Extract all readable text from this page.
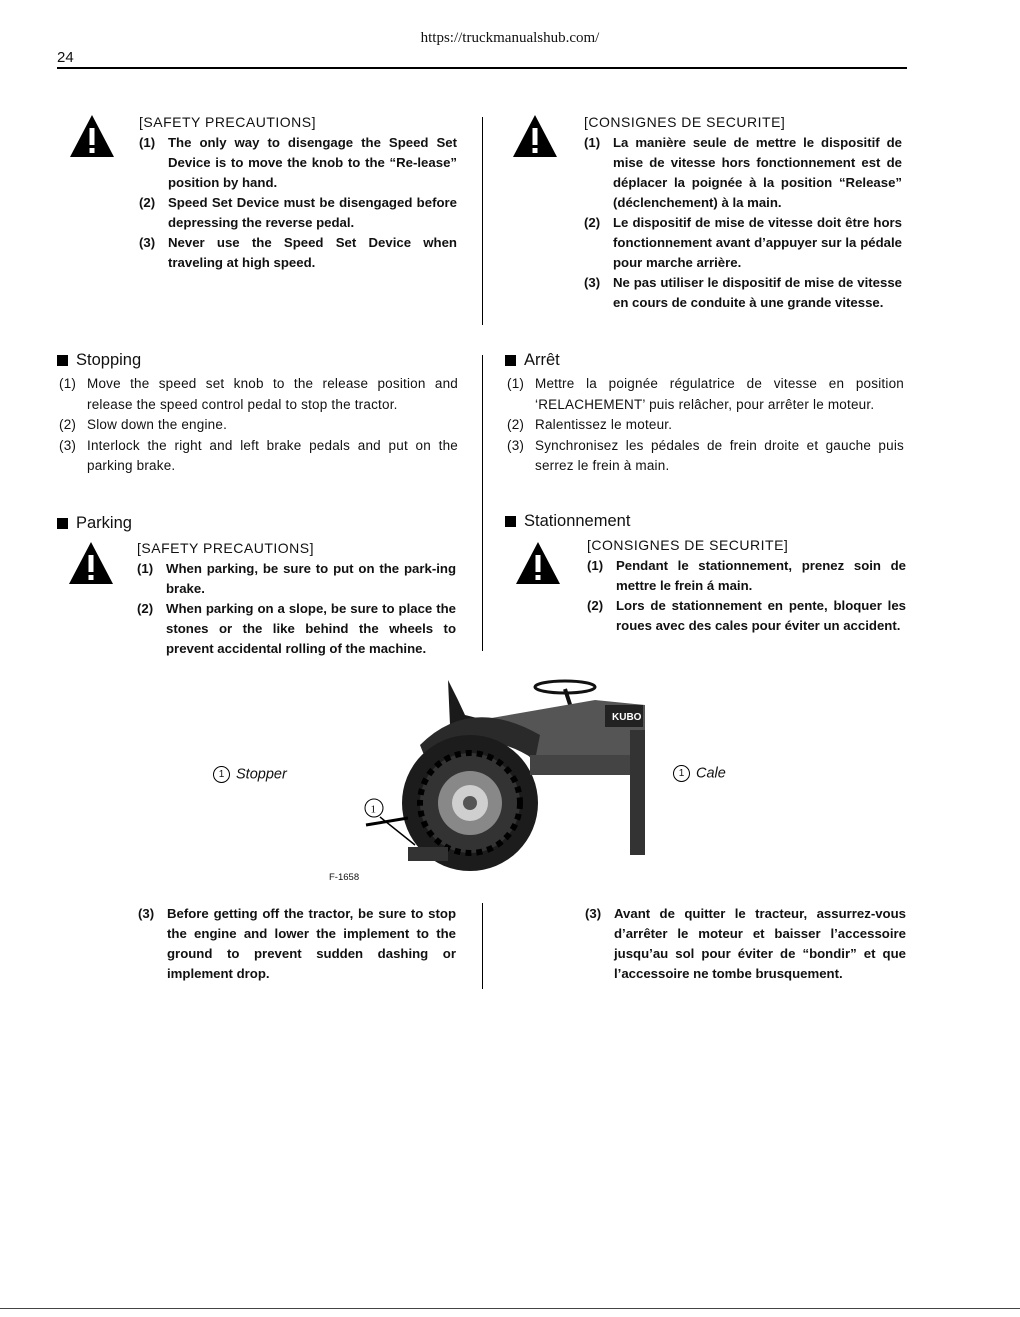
https://truckmanualshub.com/
24
[SAFETY PRECAUTIONS]
(1) The only way to disengage the Speed Set Device is to move the knob to the “Re-lease” position by hand.
(2) Speed Set Device must be disengaged before depressing the reverse pedal.
(3) Never use the Speed Set Device when traveling at high speed.
[CONSIGNES DE SECURITE]
(1) La manière seule de mettre le dispositif de mise de vitesse hors fonctionnement est de déplacer la poignée à la position “Release” (déclenchement) à la main.
(2) Le dispositif de mise de vitesse doit être hors fonctionnement avant d’appuyer sur la pédale pour marche arrière.
(3) Ne pas utiliser le dispositif de mise de vitesse en cours de conduite à une grande vitesse.
Stopping
(1) Move the speed set knob to the release position and release the speed control pedal to stop the tractor.
(2) Slow down the engine.
(3) Interlock the right and left brake pedals and put on the parking brake.
Arrêt
(1) Mettre la poignée régulatrice de vitesse en position ‘RELACHEMENT’ puis relâcher, pour arrêter le moteur.
(2) Ralentissez le moteur.
(3) Synchronisez les pédales de frein droite et gauche puis serrez le frein à main.
Parking
[SAFETY PRECAUTIONS]
(1) When parking, be sure to put on the park-ing brake.
(2) When parking on a slope, be sure to place the stones or the like behind the wheels to prevent accidental rolling of the machine.
Stationnement
[CONSIGNES DE SECURITE]
(1) Pendant le stationnement, prenez soin de mettre le frein á main.
(2) Lors de stationnement en pente, bloquer les roues avec des cales pour éviter un accident.
1 Stopper	1 Cale
KUBO
1
F-1658
(3) Before getting off the tractor, be sure to stop the engine and lower the implement to the ground to prevent sudden dashing or implement drop.
(3) Avant de quitter le tracteur, assurrez-vous d’arrêter le moteur et baisser l’accessoire jusqu’au sol pour éviter de “bondir” et que l’accessoire ne tombe brusquement.
